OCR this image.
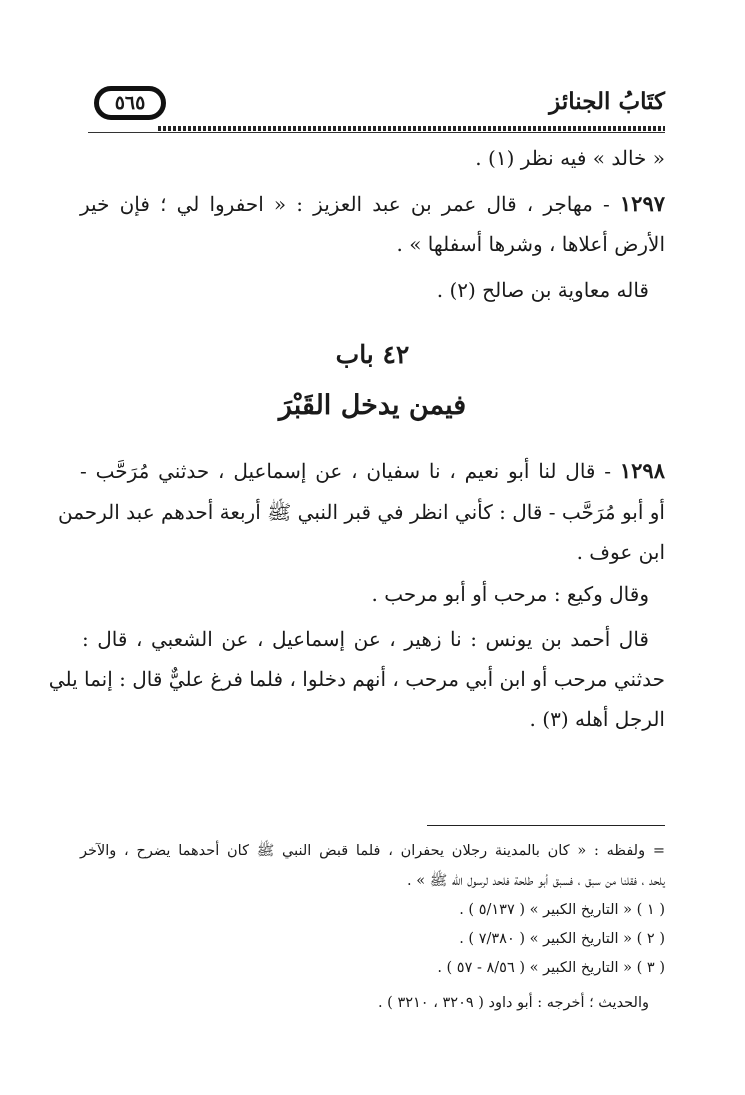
كتَابُ الجنائز
٥٦٥
« خالد » فيه نظر (١) .
١٢٩٧ - مهاجر ، قال عمر بن عبد العزيز : « احفروا لي ؛ فإن خير
الأرض أعلاها ، وشرها أسفلها » .
قاله معاوية بن صالح (٢) .
٤٢ باب
فيمن يدخل القَبْرَ
١٢٩٨ - قال لنا أبو نعيم ، نا سفيان ، عن إسماعيل ، حدثني مُرَحَّب -
أو أبو مُرَحَّب - قال : كأني انظر في قبر النبي ﷺ أربعة أحدهم عبد الرحمن
ابن عوف .
وقال وكيع : مرحب أو أبو مرحب .
قال أحمد بن يونس : نا زهير ، عن إسماعيل ، عن الشعبي ، قال :
حدثني مرحب أو ابن أبي مرحب ، أنهم دخلوا ، فلما فرغ عليٌّ قال : إنما يلي
الرجل أهله (٣) .
= ولفظه : « كان بالمدينة رجلان يحفران ، فلما قبض النبي ﷺ كان أحدهما يضرح ، والآخر
يلحد ، فقلنا من سبق ، فسبق أبو طلحة فلحد لرسول الله ﷺ » .
( ١ ) « التاريخ الكبير » ( ٥/١٣٧ ) .
( ٢ ) « التاريخ الكبير » ( ٧/٣٨٠ ) .
( ٣ ) « التاريخ الكبير » ( ٨/٥٦ - ٥٧ ) .
والحديث ؛ أخرجه : أبو داود ( ٣٢٠٩ ، ٣٢١٠ ) .
